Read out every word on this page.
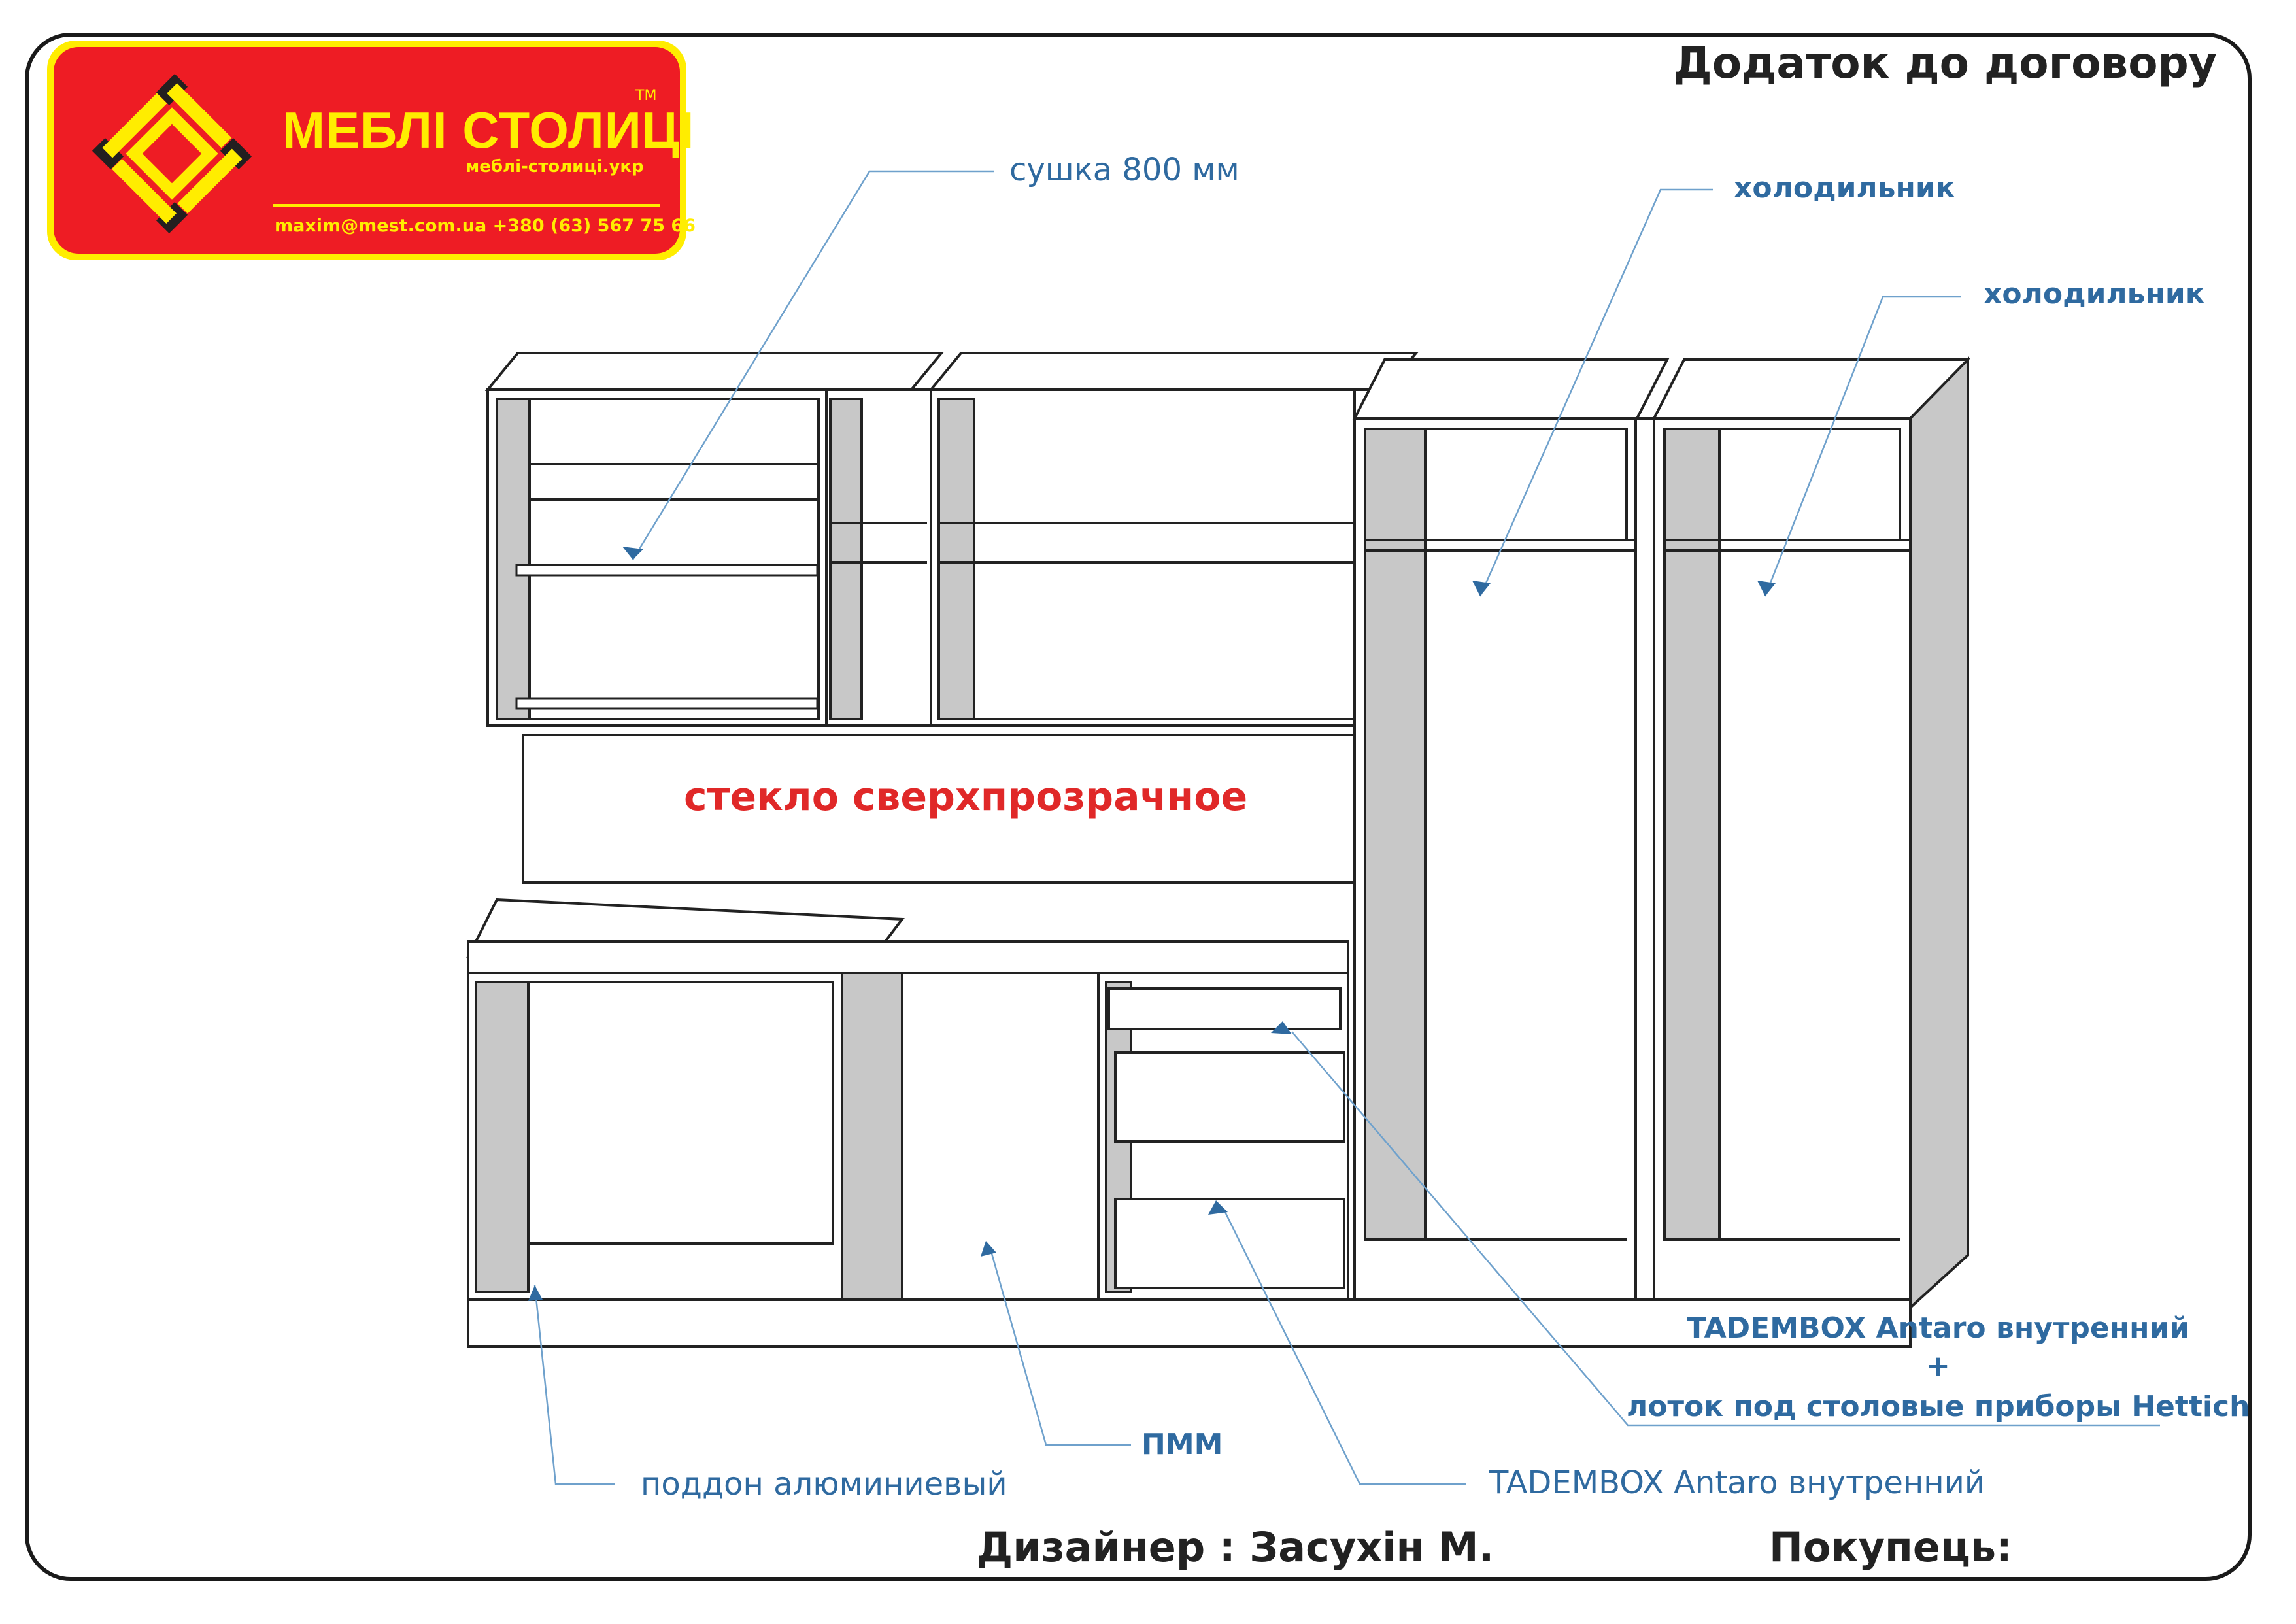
МЕБЛІ СТОЛИЦІ
TM
меблі-столиці.укр
maxim@mest.com.ua +380 (63) 567 75 66
Додаток до договору
сушка 800 мм	холодильник
холодильник
стекло сверхпрозрачное
TADEMBOX Antaro внутренний
+
лоток под столовые приборы Hettich
ПММ
поддон алюминиевый	TADEMBOX Antaro внутренний
Дизайнер : Засухін М.	Покупець:
